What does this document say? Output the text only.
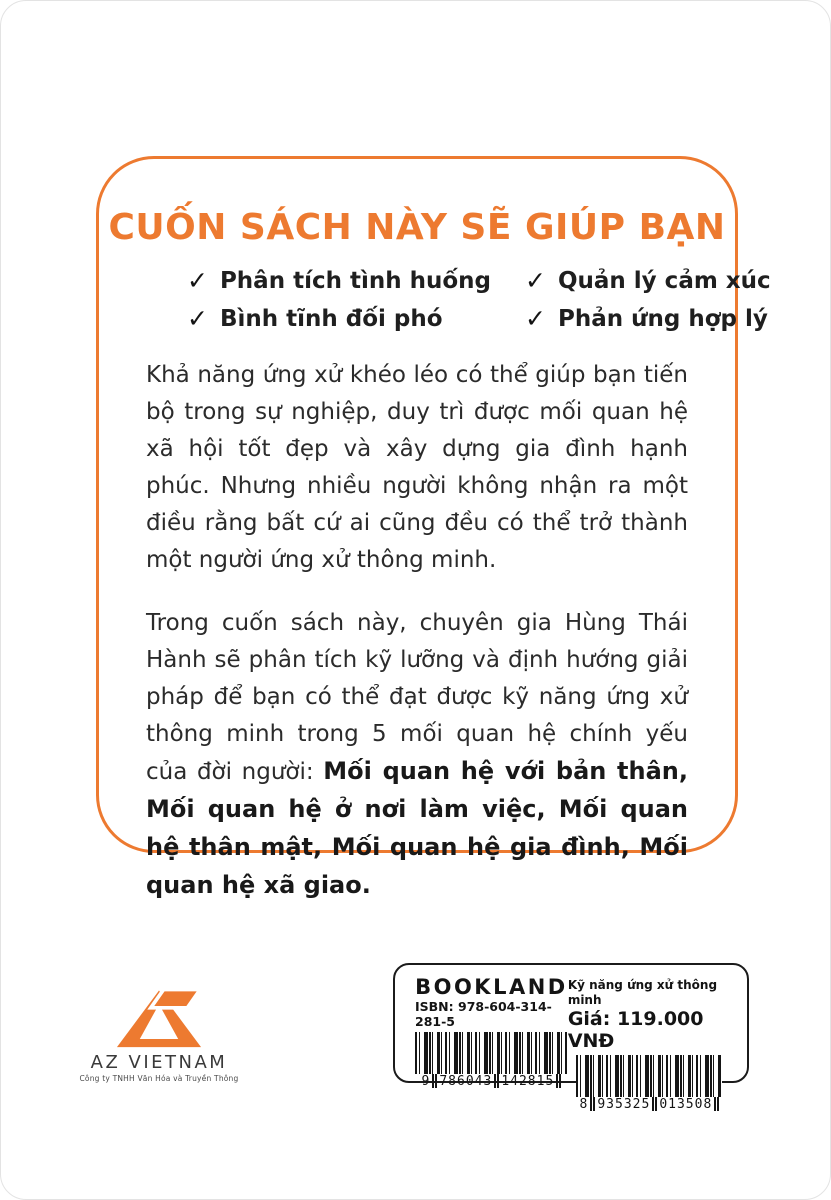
CUỐN SÁCH NÀY SẼ GIÚP BẠN
✓ Phân tích tình huống ✓ Quản lý cảm xúc
✓ Bình tĩnh đối phó	✓ Phản ứng hợp lý

Khả năng ứng xử khéo léo có thể giúp bạn tiến bộ trong sự nghiệp, duy trì được mối quan hệ xã hội tốt đẹp và xây dựng gia đình hạnh phúc. Nhưng nhiều người không nhận ra một điều rằng bất cứ ai cũng đều có thể trở thành một người ứng xử thông minh.

Trong cuốn sách này, chuyên gia Hùng Thái Hành sẽ phân tích kỹ lưỡng và định hướng giải pháp để bạn có thể đạt được kỹ năng ứng xử thông minh trong 5 mối quan hệ chính yếu của đời người: Mối quan hệ với bản thân, Mối quan hệ ở nơi làm việc, Mối quan hệ thân mật, Mối quan hệ gia đình, Mối quan hệ xã giao.

AZ VIETNAM
Công ty TNHH Văn Hóa và Truyền Thông
BOOKLAND
ISBN: 978-604-314-281-5
9 786043 142815
Kỹ năng ứng xử thông minh
Giá: 119.000 VNĐ
8 935325 013508
